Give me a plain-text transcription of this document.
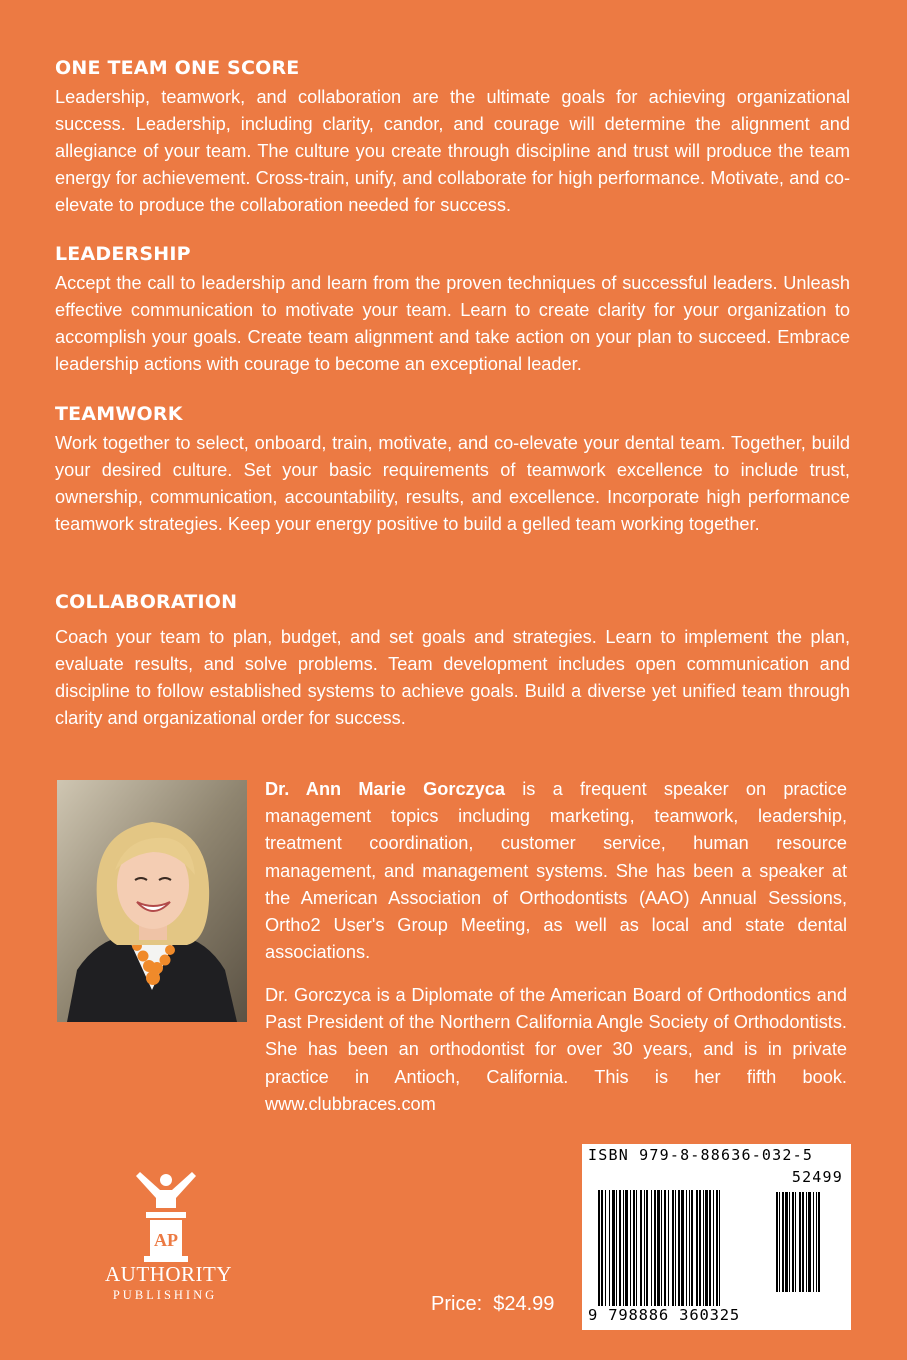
ONE TEAM ONE SCORE

Leadership, teamwork, and collaboration are the ultimate goals for achieving organizational success. Leadership, including clarity, candor, and courage will determine the alignment and allegiance of your team. The culture you create through discipline and trust will produce the team energy for achievement. Cross-train, unify, and collaborate for high performance. Motivate, and co-elevate to produce the collaboration needed for success.

LEADERSHIP

Accept the call to leadership and learn from the proven techniques of successful leaders. Unleash effective communication to motivate your team. Learn to create clarity for your organization to accomplish your goals. Create team alignment and take action on your plan to succeed. Embrace leadership actions with courage to become an exceptional leader.

TEAMWORK

Work together to select, onboard, train, motivate, and co-elevate your dental team. Together, build your desired culture. Set your basic requirements of teamwork excellence to include trust, ownership, communication, accountability, results, and excellence. Incorporate high performance teamwork strategies. Keep your energy positive to build a gelled team working together.

COLLABORATION

Coach your team to plan, budget, and set goals and strategies. Learn to implement the plan, evaluate results, and solve problems. Team development includes open communication and discipline to follow established systems to achieve goals. Build a diverse yet unified team through clarity and organizational order for success.

Dr. Ann Marie Gorczyca is a frequent speaker on practice management topics including marketing, teamwork, leadership, treatment coordination, customer service, human resource management, and management systems. She has been a speaker at the American Association of Orthodontists (AAO) Annual Sessions, Ortho2 User's Group Meeting, as well as local and state dental associations.

Dr. Gorczyca is a Diplomate of the American Board of Orthodontics and Past President of the Northern California Angle Society of Orthodontists. She has been an orthodontist for over 30 years, and is in private practice in Antioch, California. This is her fifth book. www.clubbraces.com

AP
AUTHORITY
PUBLISHING	Price: $24.99
ISBN 979-8-88636-032-5
52499
9 798886 360325
